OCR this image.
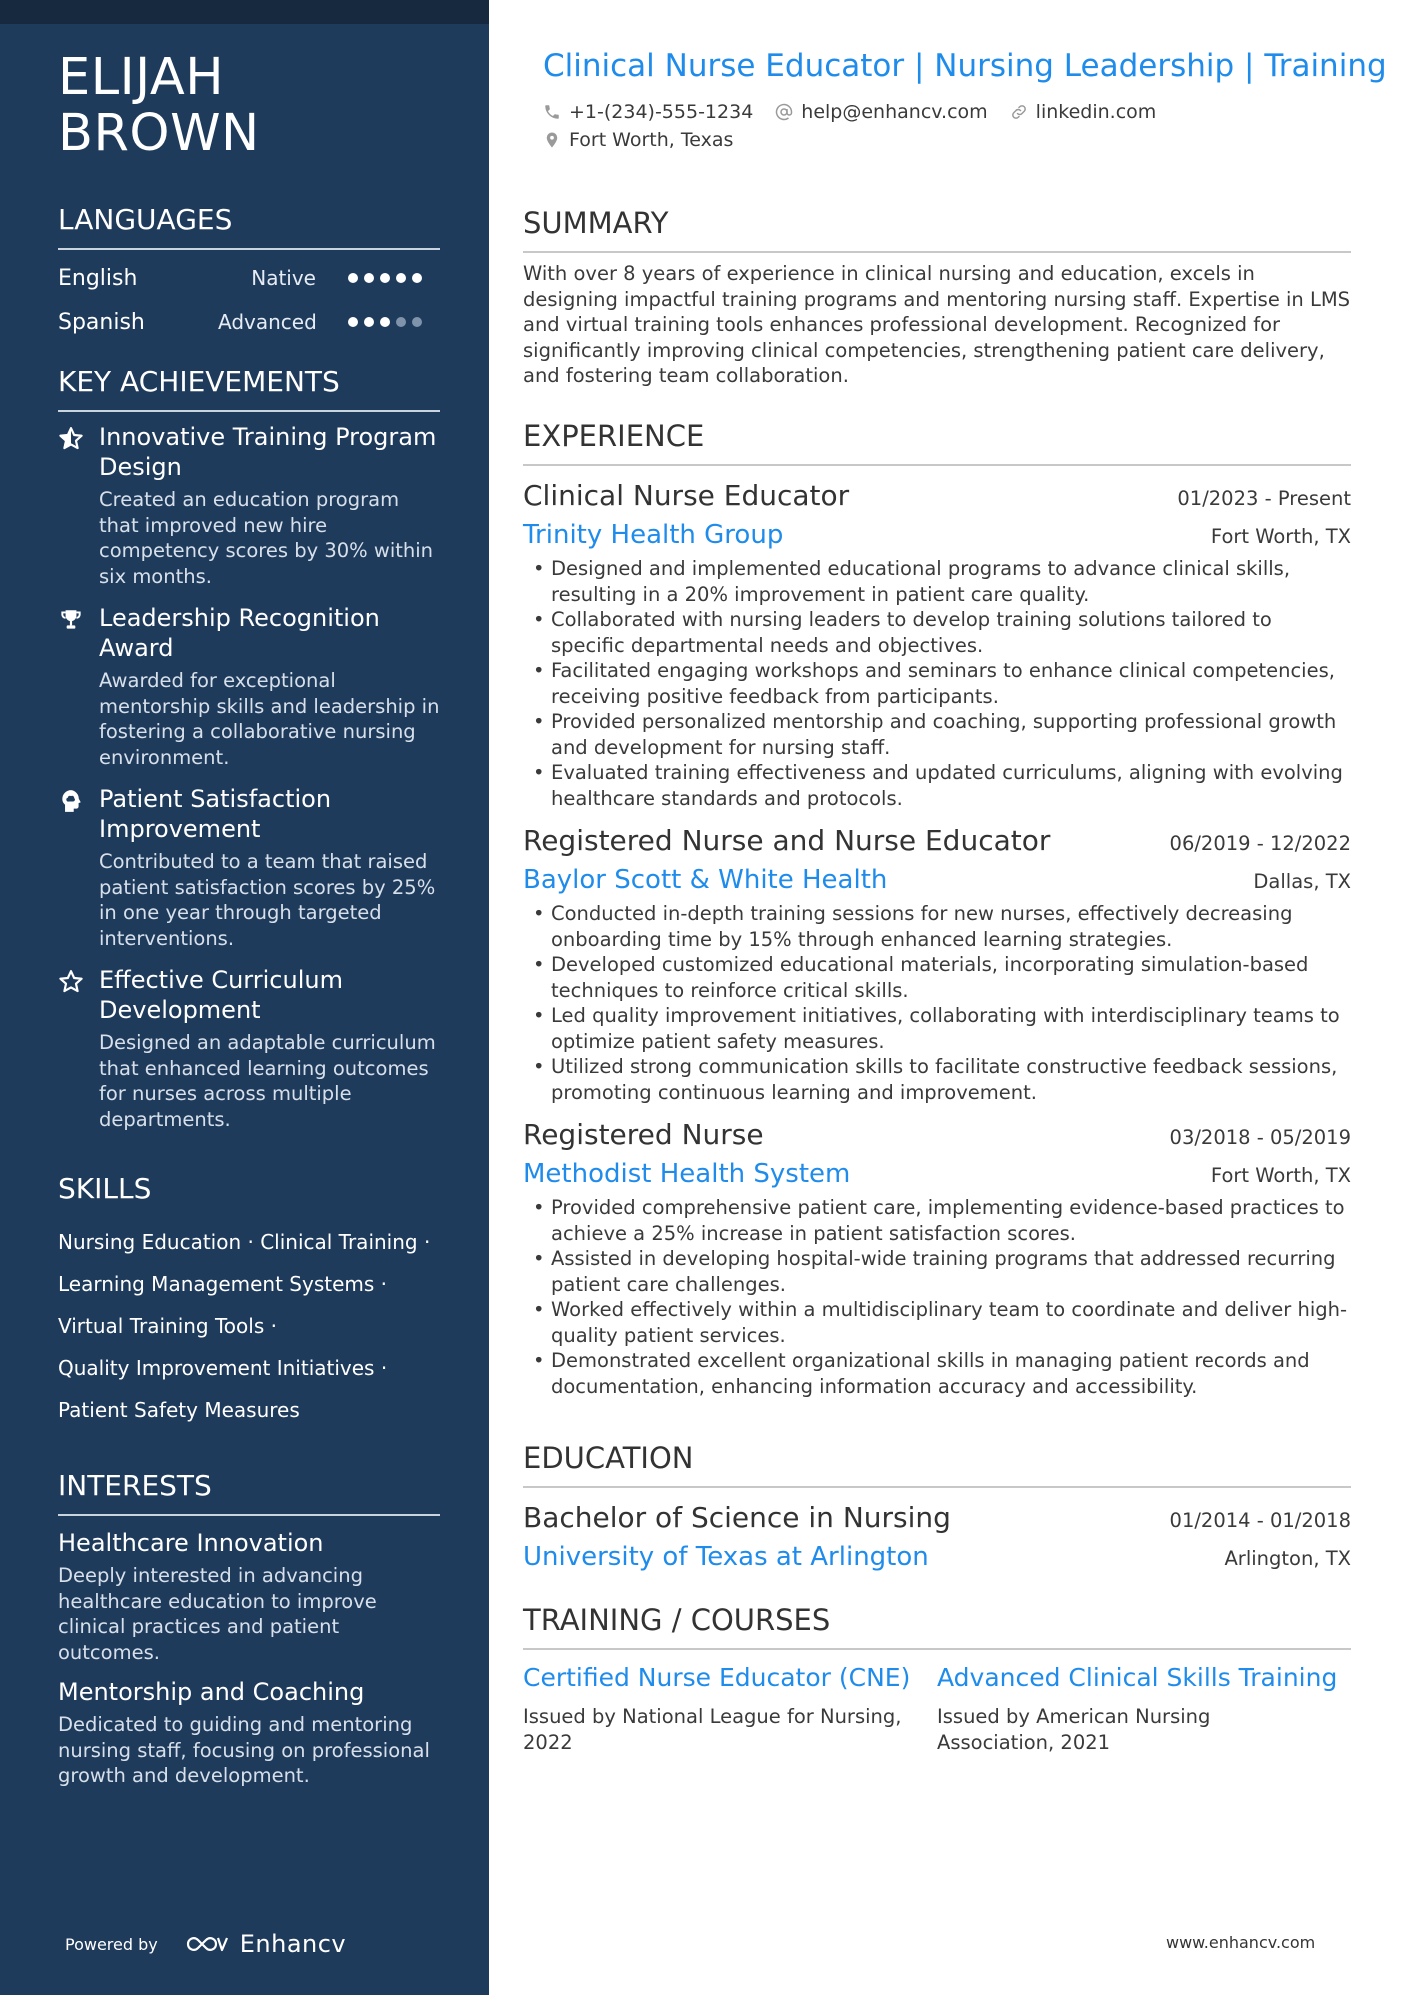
ELIJAH
BROWN
LANGUAGES
English	Native
Spanish	Advanced
KEY ACHIEVEMENTS
Innovative Training Program Design
Created an education program that improved new hire competency scores by 30% within six months.
Leadership Recognition Award
Awarded for exceptional mentorship skills and leadership in fostering a collaborative nursing environment.
Patient Satisfaction Improvement
Contributed to a team that raised patient satisfaction scores by 25% in one year through targeted interventions.
Effective Curriculum Development
Designed an adaptable curriculum that enhanced learning outcomes for nurses across multiple departments.
SKILLS
Nursing Education · Clinical Training ·
Learning Management Systems ·
Virtual Training Tools ·
Quality Improvement Initiatives ·
Patient Safety Measures
INTERESTS
Healthcare Innovation
Deeply interested in advancing healthcare education to improve clinical practices and patient outcomes.
Mentorship and Coaching
Dedicated to guiding and mentoring nursing staff, focusing on professional growth and development.
Powered by	Enhancv
Clinical Nurse Educator | Nursing Leadership | Training
+1-(234)-555-1234	help@enhancv.com	linkedin.com
Fort Worth, Texas
SUMMARY
With over 8 years of experience in clinical nursing and education, excels in designing impactful training programs and mentoring nursing staff. Expertise in LMS and virtual training tools enhances professional development. Recognized for significantly improving clinical competencies, strengthening patient care delivery, and fostering team collaboration.
EXPERIENCE
Clinical Nurse Educator	01/2023 - Present
Trinity Health Group	Fort Worth, TX
• Designed and implemented educational programs to advance clinical skills, resulting in a 20% improvement in patient care quality.
• Collaborated with nursing leaders to develop training solutions tailored to specific departmental needs and objectives.
• Facilitated engaging workshops and seminars to enhance clinical competencies, receiving positive feedback from participants.
• Provided personalized mentorship and coaching, supporting professional growth and development for nursing staff.
• Evaluated training effectiveness and updated curriculums, aligning with evolving healthcare standards and protocols.
Registered Nurse and Nurse Educator	06/2019 - 12/2022
Baylor Scott & White Health	Dallas, TX
• Conducted in-depth training sessions for new nurses, effectively decreasing onboarding time by 15% through enhanced learning strategies.
• Developed customized educational materials, incorporating simulation-based techniques to reinforce critical skills.
• Led quality improvement initiatives, collaborating with interdisciplinary teams to optimize patient safety measures.
• Utilized strong communication skills to facilitate constructive feedback sessions, promoting continuous learning and improvement.
Registered Nurse	03/2018 - 05/2019
Methodist Health System	Fort Worth, TX
• Provided comprehensive patient care, implementing evidence-based practices to achieve a 25% increase in patient satisfaction scores.
• Assisted in developing hospital-wide training programs that addressed recurring patient care challenges.
• Worked effectively within a multidisciplinary team to coordinate and deliver high-quality patient services.
• Demonstrated excellent organizational skills in managing patient records and documentation, enhancing information accuracy and accessibility.
EDUCATION
Bachelor of Science in Nursing	01/2014 - 01/2018
University of Texas at Arlington	Arlington, TX
TRAINING / COURSES
Certified Nurse Educator (CNE)
Issued by National League for Nursing, 2022
Advanced Clinical Skills Training
Issued by American Nursing Association, 2021
www.enhancv.com
